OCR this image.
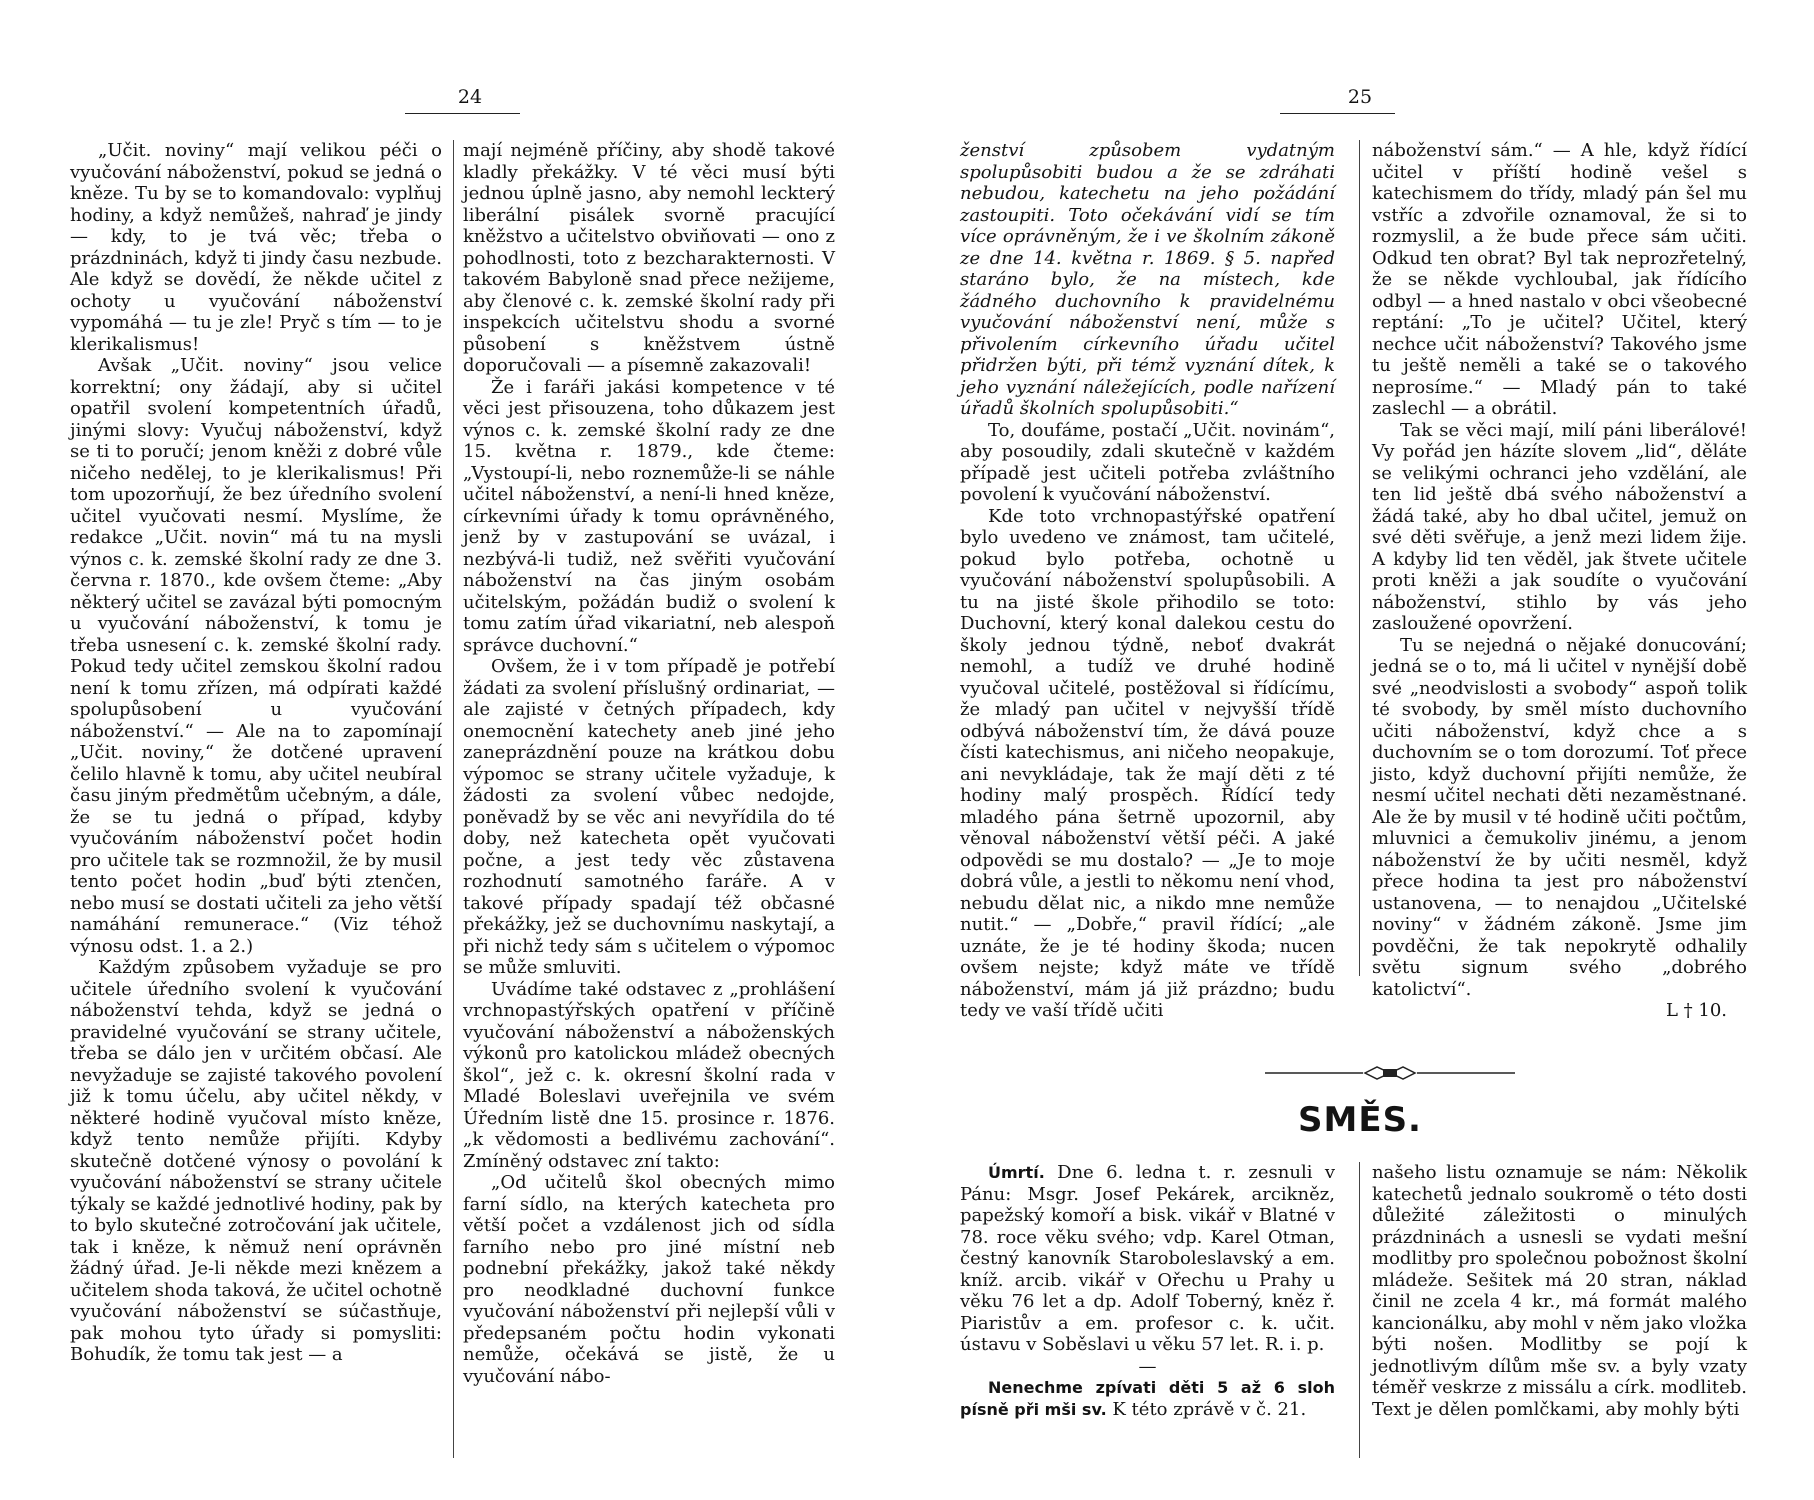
24

„Učit. noviny“ mají velikou péči o vyučování náboženství, pokud se jedná o kněze. Tu by se to komandovalo: vyplňuj hodiny, a když nemůžeš, nahraď je jindy — kdy, to je tvá věc; třeba o prázdninách, když ti jindy času nezbude. Ale když se dovědí, že někde učitel z ochoty u vyučování náboženství vypomáhá — tu je zle! Pryč s tím — to je klerikalismus!

Avšak „Učit. noviny“ jsou velice korrektní; ony žádají, aby si učitel opatřil svolení kompetentních úřadů, jinými slovy: Vyučuj náboženství, když se ti to poručí; jenom kněži z dobré vůle ničeho nedělej, to je klerikalismus! Při tom upozorňují, že bez úředního svolení učitel vyučovati nesmí. Myslíme, že redakce „Učit. novin“ má tu na mysli výnos c. k. zemské školní rady ze dne 3. června r. 1870., kde ovšem čteme: „Aby některý učitel se zavázal býti pomocným u vyučování náboženství, k tomu je třeba usnesení c. k. zemské školní rady. Pokud tedy učitel zemskou školní radou není k tomu zřízen, má odpírati každé spolupůsobení u vyučování náboženství.“ — Ale na to zapomínají „Učit. noviny,“ že dotčené upravení čelilo hlavně k tomu, aby učitel neubíral času jiným předmětům učebným, a dále, že se tu jedná o případ, kdyby vyučováním náboženství počet hodin pro učitele tak se rozmnožil, že by musil tento počet hodin „buď býti ztenčen, nebo musí se dostati učiteli za jeho větší namáhání remunerace.“ (Viz téhož výnosu odst. 1. a 2.)

Každým způsobem vyžaduje se pro učitele úředního svolení k vyučování náboženství tehda, když se jedná o pravidelné vyučování se strany učitele, třeba se dálo jen v určitém občasí. Ale nevyžaduje se zajisté takového povolení již k tomu účelu, aby učitel někdy, v některé hodině vyučoval místo kněze, když tento nemůže přijíti. Kdyby skutečně dotčené výnosy o povolání k vyučování náboženství se strany učitele týkaly se každé jednotlivé hodiny, pak by to bylo skutečné zotročování jak učitele, tak i kněze, k němuž není oprávněn žádný úřad. Je-li někde mezi knězem a učitelem shoda taková, že učitel ochotně vyučování náboženství se súčastňuje, pak mohou tyto úřady si pomysliti: Bohudík, že tomu tak jest — a

mají nejméně příčiny, aby shodě takové kladly překážky. V té věci musí býti jednou úplně jasno, aby nemohl leckterý liberální pisálek svorně pracující kněžstvo a učitelstvo obviňovati — ono z pohodlnosti, toto z bezcharakternosti. V takovém Babyloně snad přece nežijeme, aby členové c. k. zemské školní rady při inspekcích učitelstvu shodu a svorné působení s kněžstvem ústně doporučovali — a písemně zakazovali!

Že i faráři jakási kompetence v té věci jest přisouzena, toho důkazem jest výnos c. k. zemské školní rady ze dne 15. května r. 1879., kde čteme: „Vystoupí-li, nebo roznemůže-li se náhle učitel náboženství, a není-li hned kněze, církevními úřady k tomu oprávněného, jenž by v zastupování se uvázal, i nezbývá-li tudiž, než svěřiti vyučování náboženství na čas jiným osobám učitelským, požádán budiž o svolení k tomu zatím úřad vikariatní, neb alespoň správce duchovní.“

Ovšem, že i v tom případě je potřebí žádati za svolení příslušný ordinariat, — ale zajisté v četných případech, kdy onemocnění katechety aneb jiné jeho zaneprázdnění pouze na krátkou dobu výpomoc se strany učitele vyžaduje, k žádosti za svolení vůbec nedojde, poněvadž by se věc ani nevyřídila do té doby, než katecheta opět vyučovati počne, a jest tedy věc zůstavena rozhodnutí samotného faráře. A v takové případy spadají též občasné překážky, jež se duchovnímu naskytají, a při nichž tedy sám s učitelem o výpomoc se může smluviti.

Uvádíme také odstavec z „prohlášení vrchnopastýřských opatření v příčině vyučování náboženství a náboženských výkonů pro katolickou mládež obecných škol“, jež c. k. okresní školní rada v Mladé Boleslavi uveřejnila ve svém Úředním listě dne 15. prosince r. 1876. „k vědomosti a bedlivému zachování“. Zmíněný odstavec zní takto:

„Od učitelů škol obecných mimo farní sídlo, na kterých katecheta pro větší počet a vzdálenost jich od sídla farního nebo pro jiné místní neb podnební překážky, jakož také někdy pro neodkladné duchovní funkce vyučování náboženství při nejlepší vůli v předepsaném počtu hodin vykonati nemůže, očekává se jistě, že u vyučování nábo-

25

ženství způsobem vydatným spolupůsobiti budou a že se zdráhati nebudou, katechetu na jeho požádání zastoupiti. Toto očekávání vidí se tím více oprávněným, že i ve školním zákoně ze dne 14. května r. 1869. § 5. napřed staráno bylo, že na místech, kde žádného duchovního k pravidelnému vyučování náboženství není, může s přivolením církevního úřadu učitel přidržen býti, při témž vyznání dítek, k jeho vyznání náležejících, podle nařízení úřadů školních spolupůsobiti.“

To, doufáme, postačí „Učit. novinám“, aby posoudily, zdali skutečně v každém případě jest učiteli potřeba zvláštního povolení k vyučování náboženství.

Kde toto vrchnopastýřské opatření bylo uvedeno ve známost, tam učitelé, pokud bylo potřeba, ochotně u vyučování náboženství spolupůsobili. A tu na jisté škole přihodilo se toto: Duchovní, který konal dalekou cestu do školy jednou týdně, neboť dvakrát nemohl, a tudíž ve druhé hodině vyučoval učitelé, postěžoval si řídícímu, že mladý pan učitel v nejvyšší třídě odbývá náboženství tím, že dává pouze čísti katechismus, ani ničeho neopakuje, ani nevykládaje, tak že mají děti z té hodiny malý prospěch. Řídící tedy mladého pána šetrně upozornil, aby věnoval náboženství větší péči. A jaké odpovědi se mu dostalo? — „Je to moje dobrá vůle, a jestli to někomu není vhod, nebudu dělat nic, a nikdo mne nemůže nutit.“ — „Dobře,“ pravil řídící; „ale uznáte, že je té hodiny škoda; nucen ovšem nejste; když máte ve třídě náboženství, mám já již prázdno; budu tedy ve vaší třídě učiti

náboženství sám.“ — A hle, když řídící učitel v příští hodině vešel s katechismem do třídy, mladý pán šel mu vstříc a zdvořile oznamoval, že si to rozmyslil, a že bude přece sám učiti. Odkud ten obrat? Byl tak neprozřetelný, že se někde vychloubal, jak řídícího odbyl — a hned nastalo v obci všeobecné reptání: „To je učitel? Učitel, který nechce učit náboženství? Takového jsme tu ještě neměli a také se o takového neprosíme.“ — Mladý pán to také zaslechl — a obrátil.

Tak se věci mají, milí páni liberálové! Vy pořád jen házíte slovem „lid“, děláte se velikými ochranci jeho vzdělání, ale ten lid ještě dbá svého náboženství a žádá také, aby ho dbal učitel, jemuž on své děti svěřuje, a jenž mezi lidem žije. A kdyby lid ten věděl, jak štvete učitele proti kněži a jak soudíte o vyučování náboženství, stihlo by vás jeho zasloužené opovržení.

Tu se nejedná o nějaké donucování; jedná se o to, má li učitel v nynější době své „neodvislosti a svobody“ aspoň tolik té svobody, by směl místo duchovního učiti náboženství, když chce a s duchovním se o tom dorozumí. Toť přece jisto, když duchovní přijíti nemůže, že nesmí učitel nechati děti nezaměstnané. Ale že by musil v té hodině učiti počtům, mluvnici a čemukoliv jinému, a jenom náboženství že by učiti nesměl, když přece hodina ta jest pro náboženství ustanovena, — to nenajdou „Učitelské noviny“ v žádném zákoně. Jsme jim povděčni, že tak nepokrytě odhalily světu signum svého „dobrého katolictví“.

L † 10.

SMĚS.

Úmrtí. Dne 6. ledna t. r. zesnuli v Pánu: Msgr. Josef Pekárek, arcikněz, papežský komoří a bisk. vikář v Blatné v 78. roce věku svého; vdp. Karel Otman, čestný kanovník Staroboleslavský a em. kníž. arcib. vikář v Ořechu u Prahy u věku 76 let a dp. Adolf Toberný, kněz ř. Piaristův a em. profesor c. k. učit. ústavu v Soběslavi u věku 57 let. R. i. p.

—

Nenechme zpívati děti 5 až 6 sloh písně při mši sv. K této zprávě v č. 21.

našeho listu oznamuje se nám: Několik katechetů jednalo soukromě o této dosti důležité záležitosti o minulých prázdninách a usnesli se vydati mešní modlitby pro společnou pobožnost školní mládeže. Sešitek má 20 stran, náklad činil ne zcela 4 kr., má formát malého kancionálku, aby mohl v něm jako vložka býti nošen. Modlitby se pojí k jednotlivým dílům mše sv. a byly vzaty téměř veskrze z missálu a círk. modliteb. Text je dělen pomlčkami, aby mohly býti
